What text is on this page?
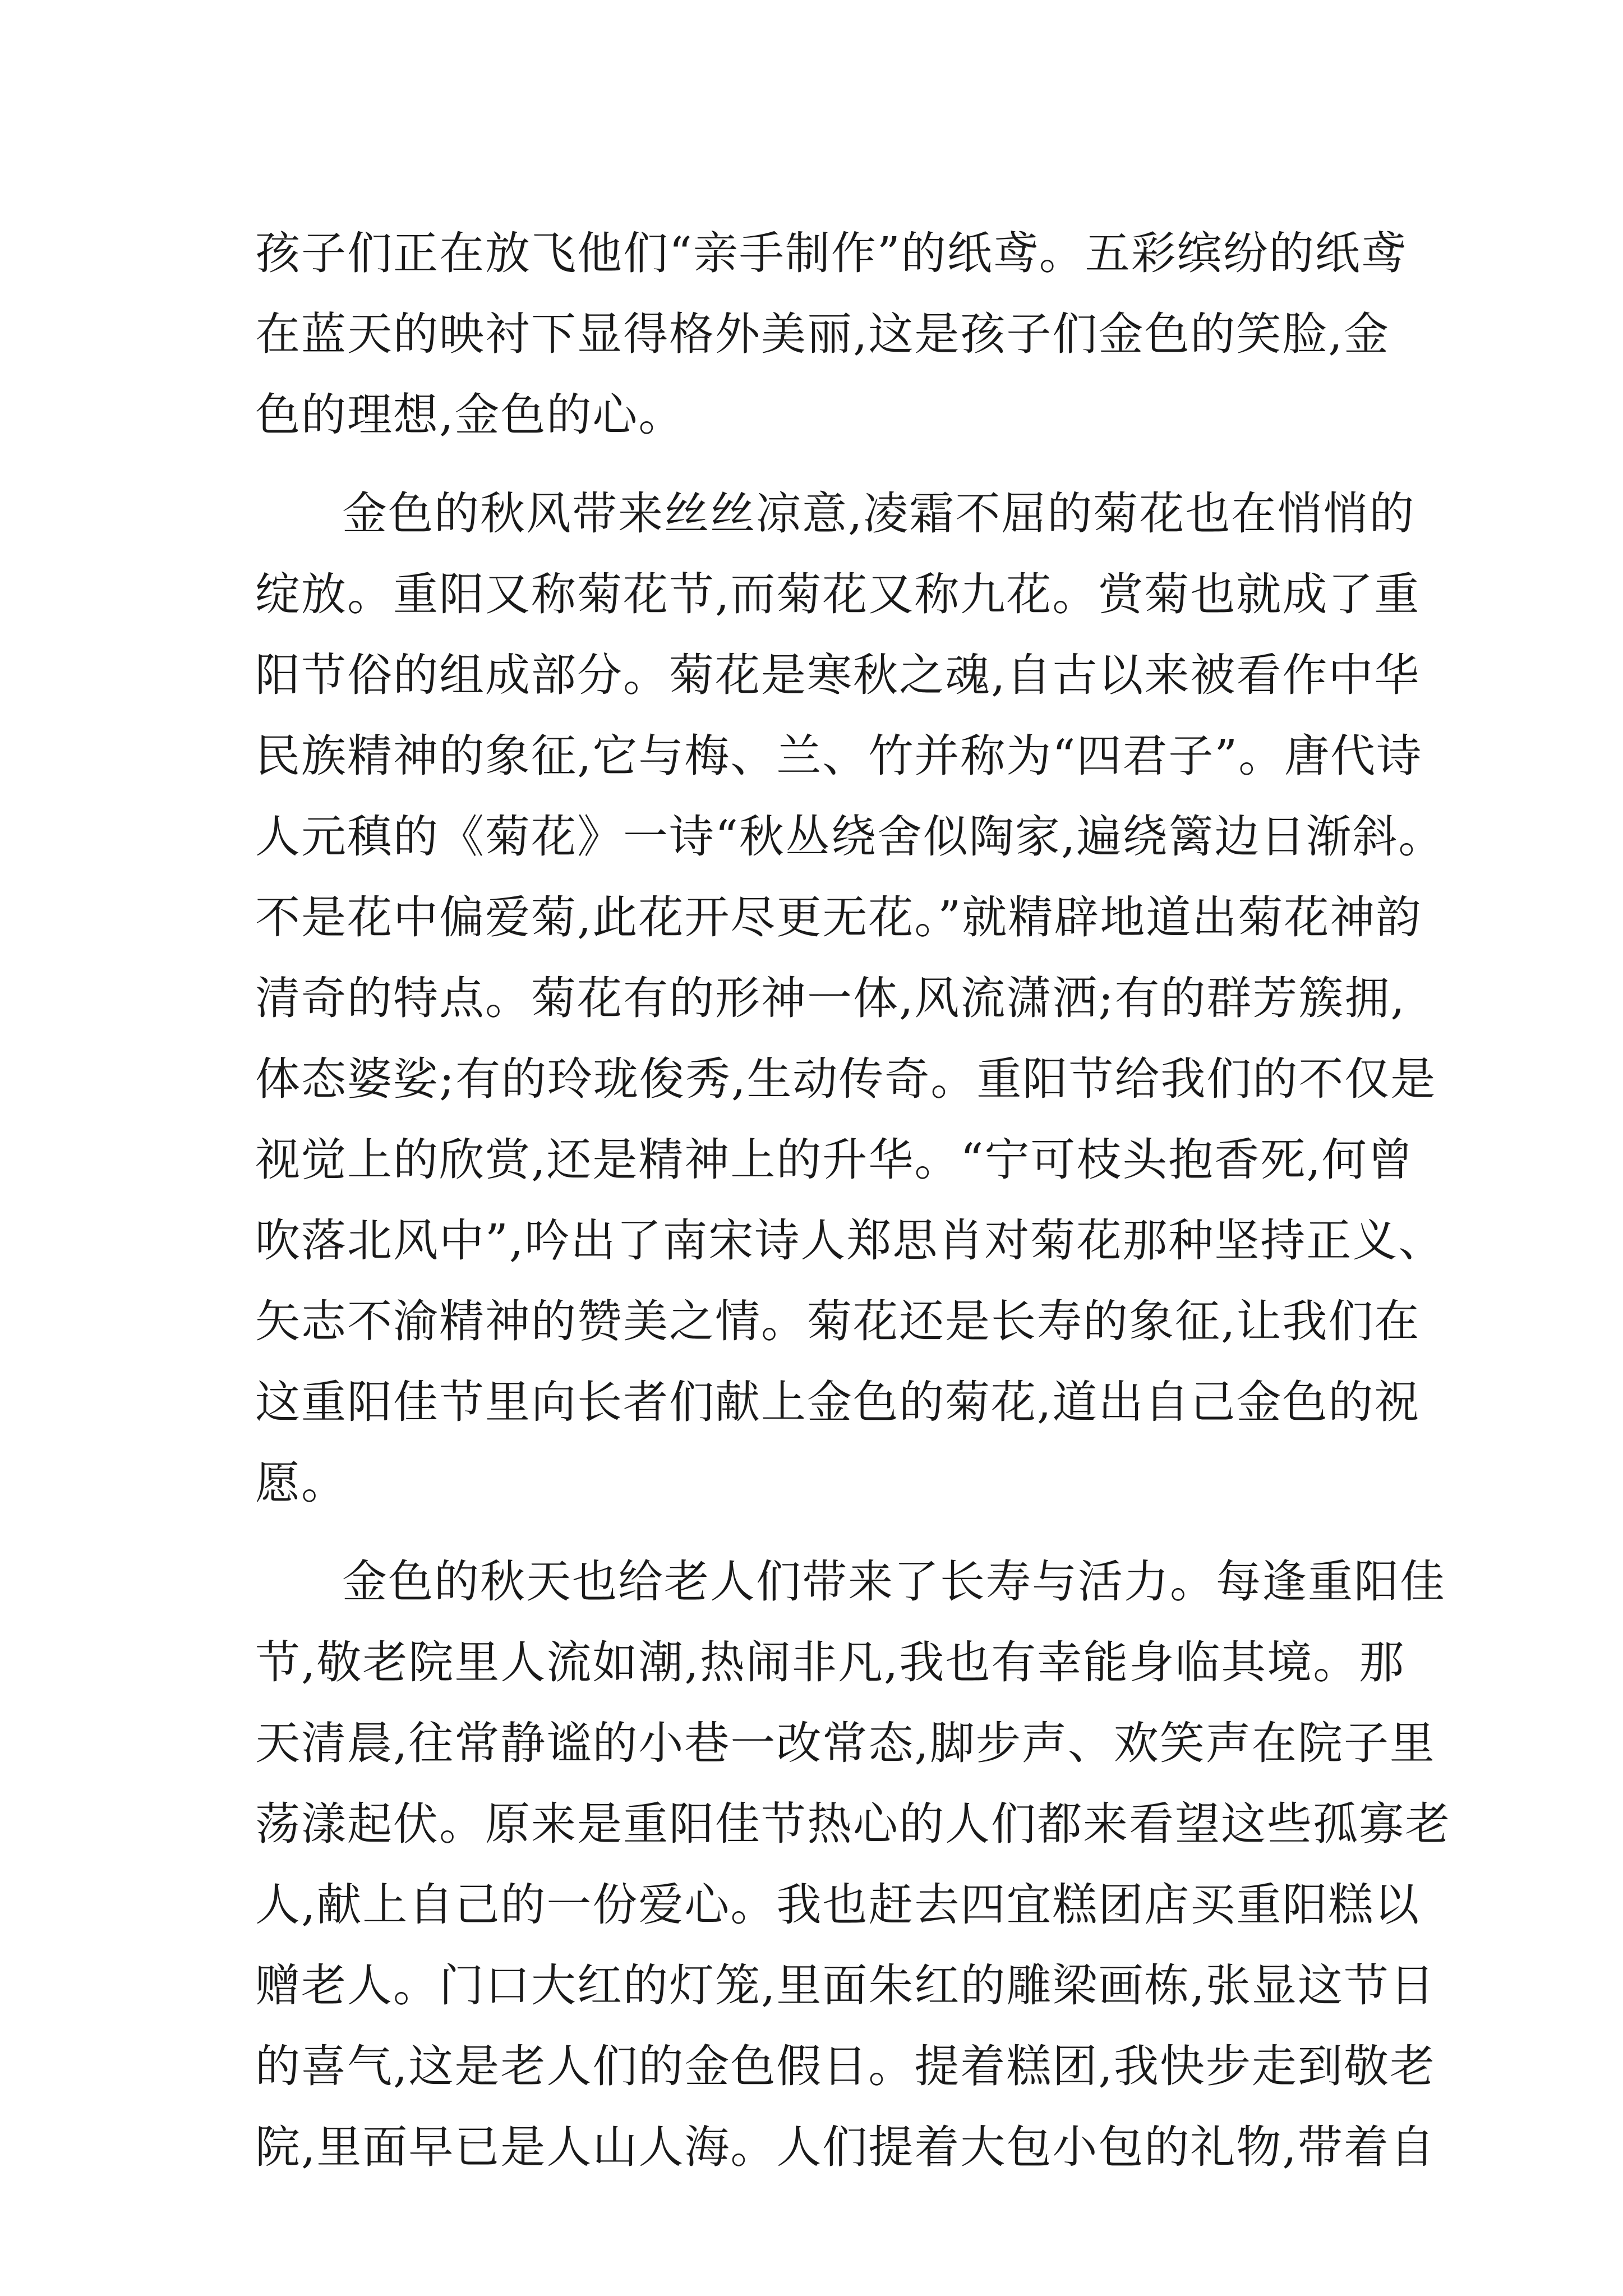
孩子们正在放飞他们“亲手制作”的纸鸢。五彩缤纷的纸鸢
在蓝天的映衬下显得格外美丽,这是孩子们金色的笑脸,金
色的理想,金色的心。
金色的秋风带来丝丝凉意,凌霜不屈的菊花也在悄悄的
绽放。重阳又称菊花节,而菊花又称九花。赏菊也就成了重
阳节俗的组成部分。菊花是寒秋之魂,自古以来被看作中华
民族精神的象征,它与梅、兰、竹并称为“四君子”。唐代诗
人元稹的《菊花》一诗“秋丛绕舍似陶家,遍绕篱边日渐斜。
不是花中偏爱菊,此花开尽更无花。”就精辟地道出菊花神韵
清奇的特点。菊花有的形神一体,风流潇洒;有的群芳簇拥,
体态婆娑;有的玲珑俊秀,生动传奇。重阳节给我们的不仅是
视觉上的欣赏,还是精神上的升华。“宁可枝头抱香死,何曾
吹落北风中”,吟出了南宋诗人郑思肖对菊花那种坚持正义、
矢志不渝精神的赞美之情。菊花还是长寿的象征,让我们在
这重阳佳节里向长者们献上金色的菊花,道出自己金色的祝
愿。
金色的秋天也给老人们带来了长寿与活力。每逢重阳佳
节,敬老院里人流如潮,热闹非凡,我也有幸能身临其境。那
天清晨,往常静谧的小巷一改常态,脚步声、欢笑声在院子里
荡漾起伏。原来是重阳佳节热心的人们都来看望这些孤寡老
人,献上自己的一份爱心。我也赶去四宜糕团店买重阳糕以
赠老人。门口大红的灯笼,里面朱红的雕梁画栋,张显这节日
的喜气,这是老人们的金色假日。提着糕团,我快步走到敬老
院,里面早已是人山人海。人们提着大包小包的礼物,带着自
